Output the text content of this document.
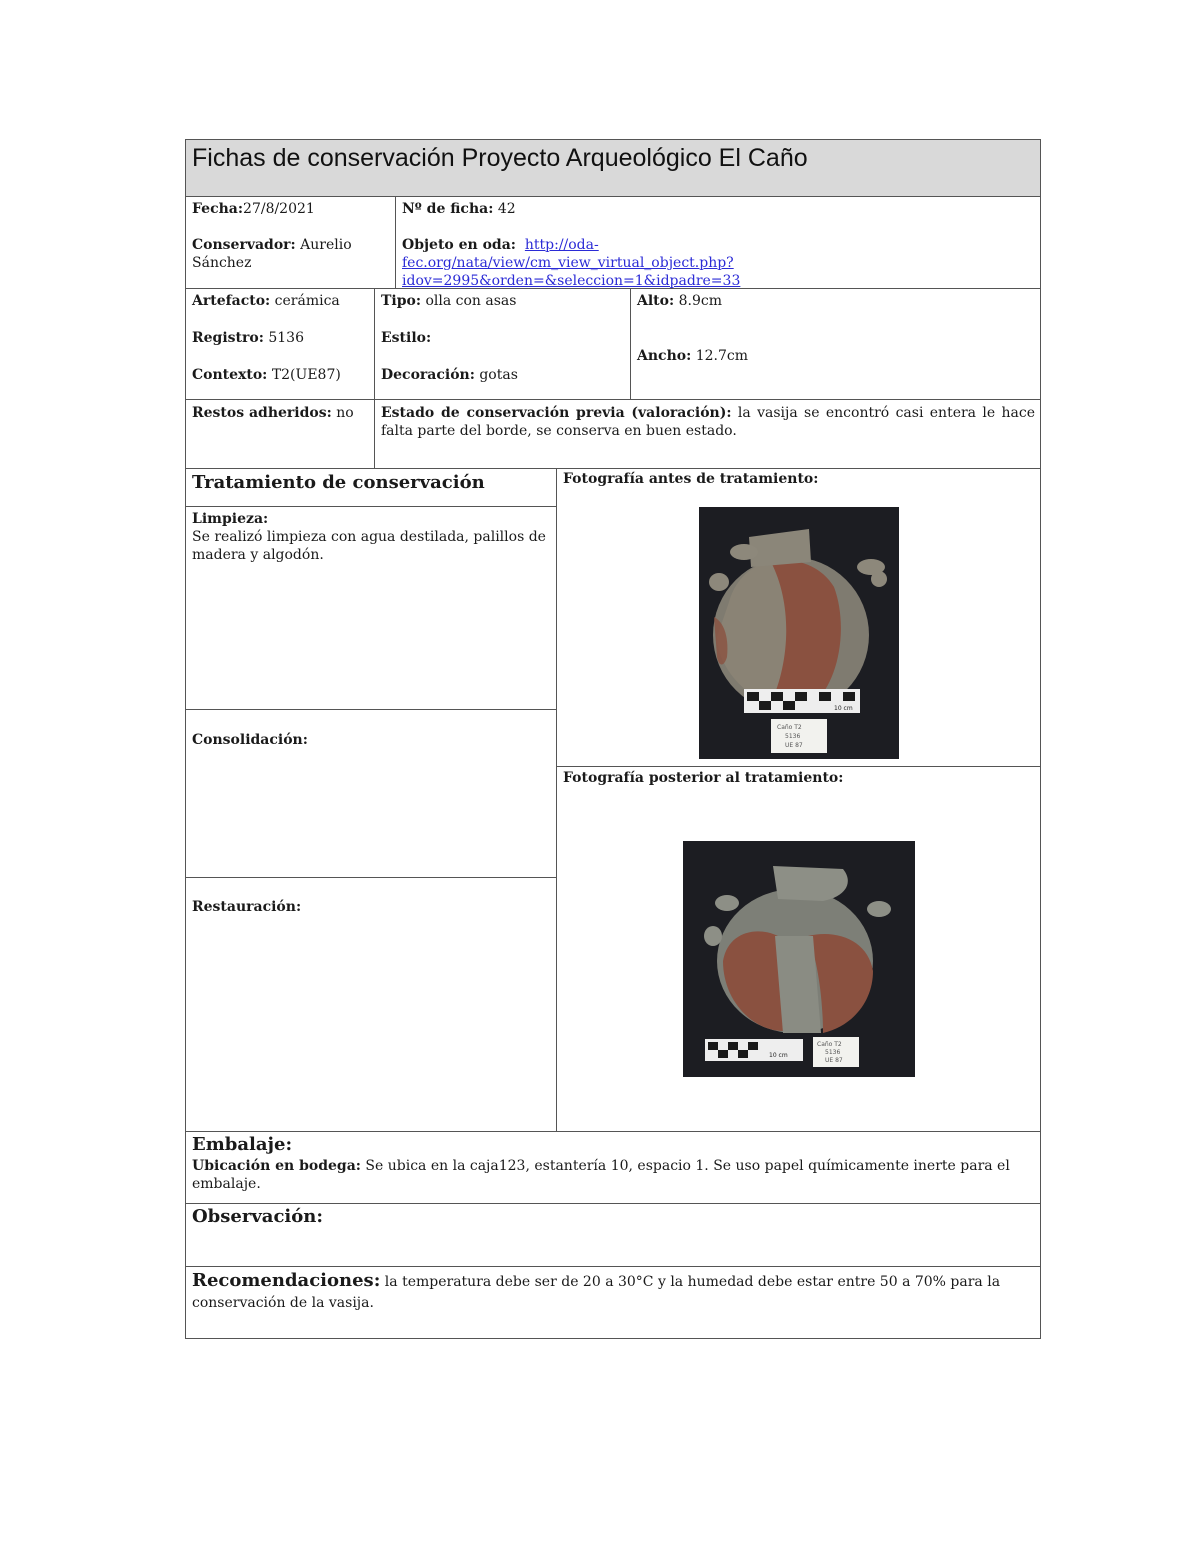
Fichas de conservación Proyecto Arqueológico El Caño
Fecha:27/8/2021
Conservador: Aurelio Sánchez
Nº de ficha: 42
Objeto en oda: http://oda-
fec.org/nata/view/cm_view_virtual_object.php?idov=2995&orden=&seleccion=1&idpadre=33
Artefacto: cerámica
Registro: 5136
Contexto: T2(UE87)
Tipo: olla con asas
Estilo:
Decoración: gotas
Alto: 8.9cm
Ancho: 12.7cm
Restos adheridos: no	Estado de conservación previa (valoración): la vasija se encontró casi entera le hace falta parte del borde, se conserva en buen estado.
Tratamiento de conservación
Limpieza:
Se realizó limpieza con agua destilada, palillos de madera y algodón.
Consolidación:
Restauración:
Fotografía antes de tratamiento:
10 cm
Caño T2
5136
UE 87
Fotografía posterior al tratamiento:
10 cm
Caño T2
5136
UE 87
Embalaje:
Ubicación en bodega: Se ubica en la caja123, estantería 10, espacio 1. Se uso papel químicamente inerte para el embalaje.
Observación:
Recomendaciones: la temperatura debe ser de 20 a 30°C y la humedad debe estar entre 50 a 70% para la conservación de la vasija.
